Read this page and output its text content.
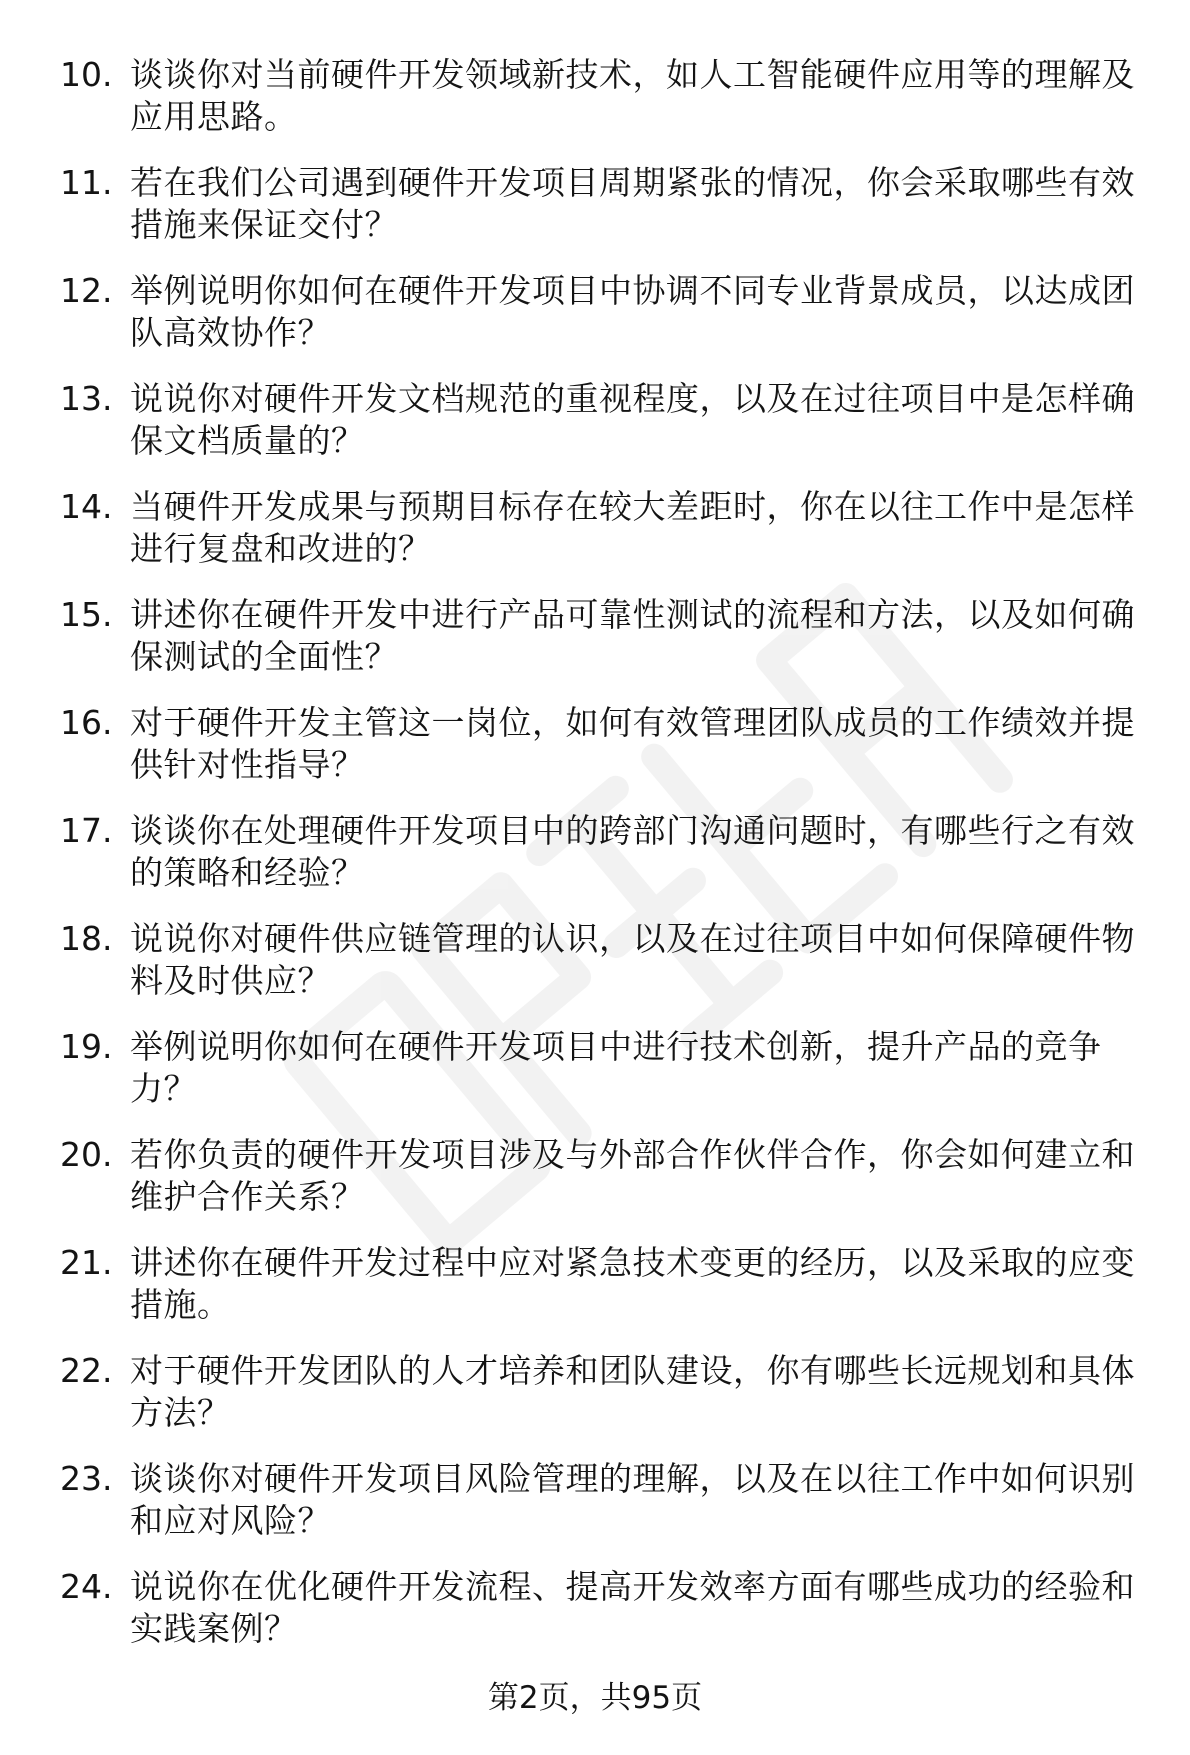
10. 谈谈你对当前硬件开发领域新技术，如人工智能硬件应用等的理解及应用思路。
11. 若在我们公司遇到硬件开发项目周期紧张的情况，你会采取哪些有效措施来保证交付？
12. 举例说明你如何在硬件开发项目中协调不同专业背景成员，以达成团队高效协作？
13. 说说你对硬件开发文档规范的重视程度，以及在过往项目中是怎样确保文档质量的？
14. 当硬件开发成果与预期目标存在较大差距时，你在以往工作中是怎样进行复盘和改进的？
15. 讲述你在硬件开发中进行产品可靠性测试的流程和方法，以及如何确保测试的全面性？
16. 对于硬件开发主管这一岗位，如何有效管理团队成员的工作绩效并提供针对性指导？
17. 谈谈你在处理硬件开发项目中的跨部门沟通问题时，有哪些行之有效的策略和经验？
18. 说说你对硬件供应链管理的认识，以及在过往项目中如何保障硬件物料及时供应？
19. 举例说明你如何在硬件开发项目中进行技术创新，提升产品的竞争力？
20. 若你负责的硬件开发项目涉及与外部合作伙伴合作，你会如何建立和维护合作关系？
21. 讲述你在硬件开发过程中应对紧急技术变更的经历，以及采取的应变措施。
22. 对于硬件开发团队的人才培养和团队建设，你有哪些长远规划和具体方法？
23. 谈谈你对硬件开发项目风险管理的理解，以及在以往工作中如何识别和应对风险？
24. 说说你在优化硬件开发流程、提高开发效率方面有哪些成功的经验和实践案例？
第2页，共95页
